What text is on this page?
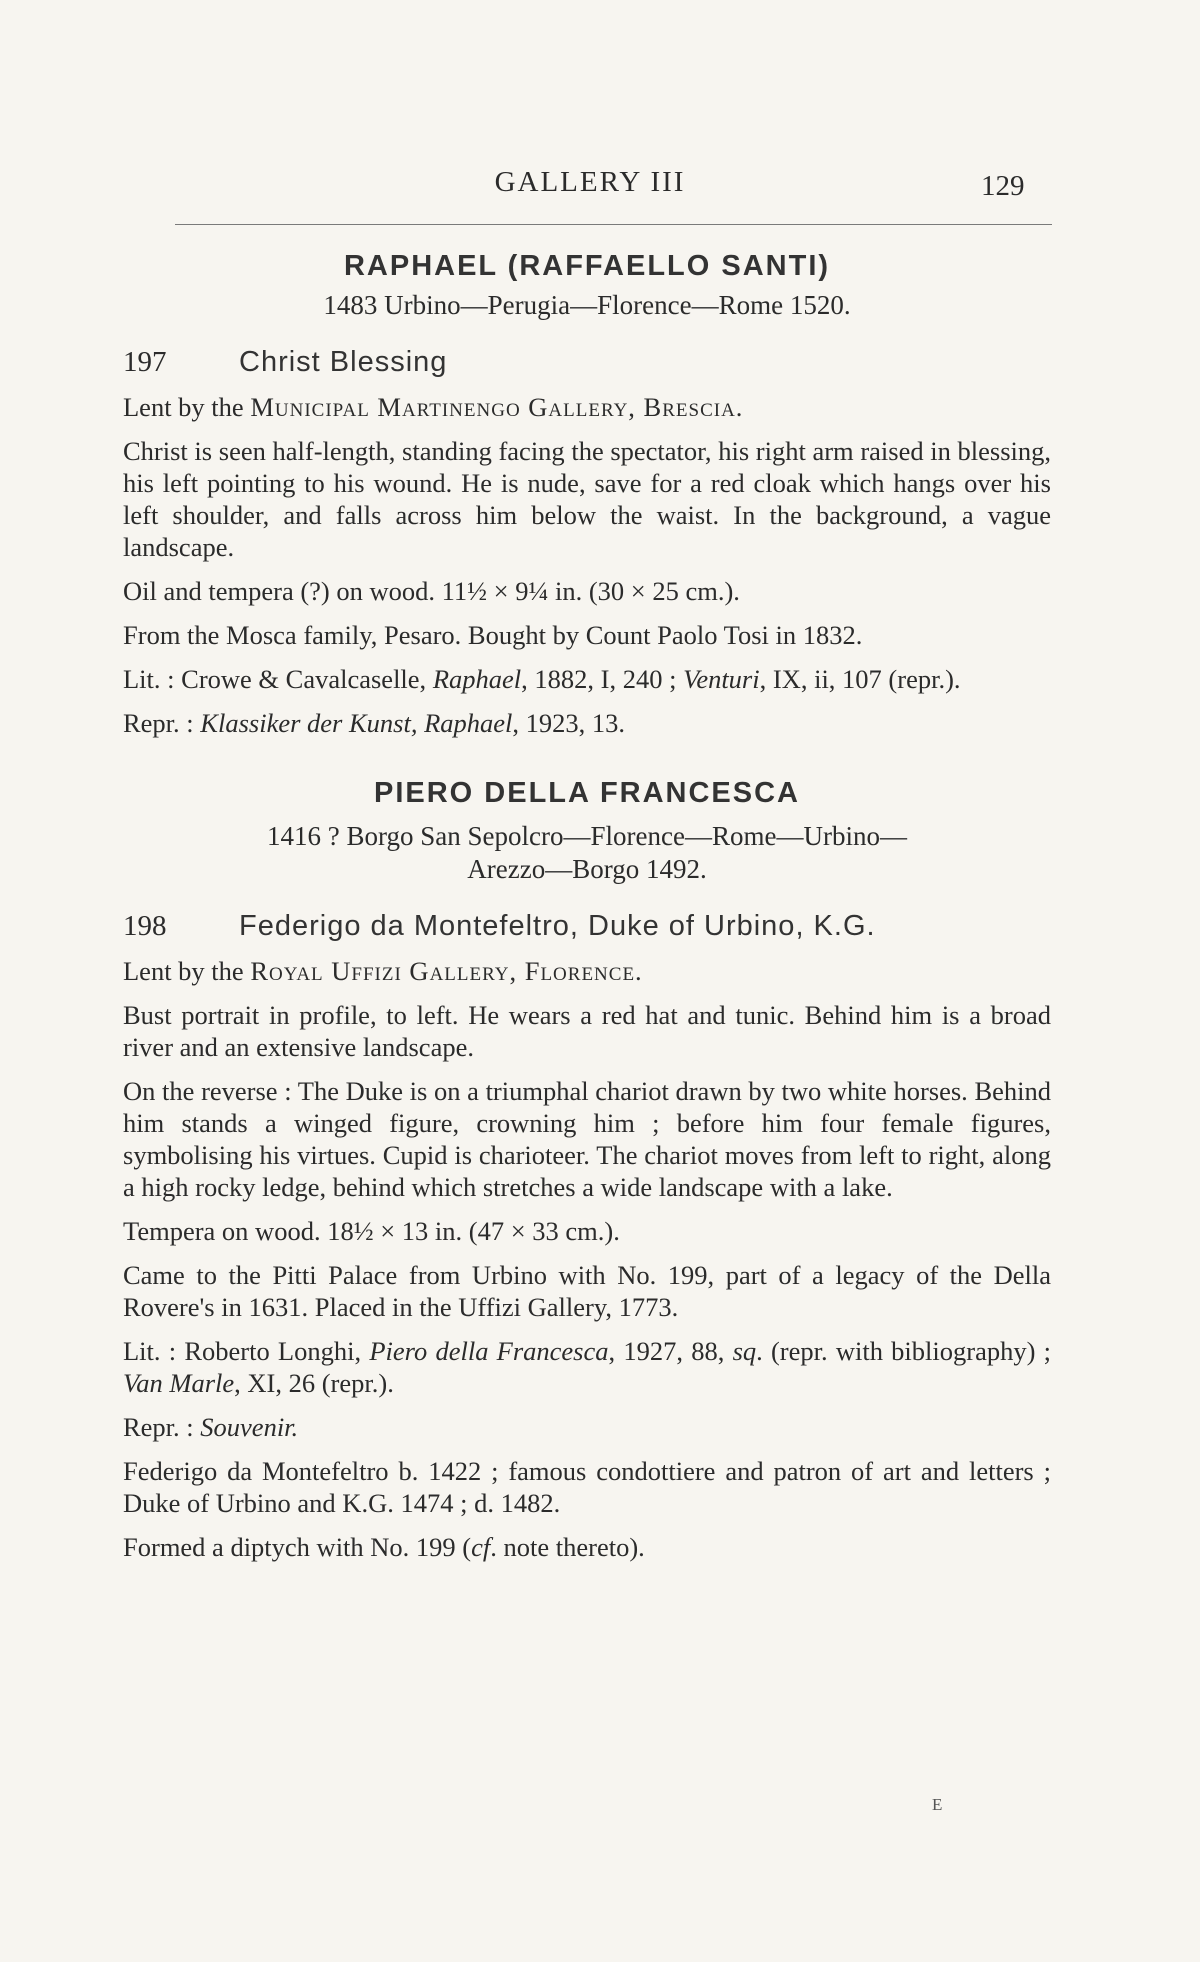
GALLERY III	129
RAPHAEL (RAFFAELLO SANTI)

1483 Urbino—Perugia—Florence—Rome 1520.

197	Christ Blessing

Lent by the Municipal Martinengo Gallery, Brescia.

Christ is seen half-length, standing facing the spectator, his right arm raised in blessing, his left pointing to his wound. He is nude, save for a red cloak which hangs over his left shoulder, and falls across him below the waist. In the background, a vague landscape.

Oil and tempera (?) on wood. 11½ × 9¼ in. (30 × 25 cm.).

From the Mosca family, Pesaro. Bought by Count Paolo Tosi in 1832.

Lit. : Crowe & Cavalcaselle, Raphael, 1882, I, 240 ; Venturi, IX, ii, 107 (repr.).

Repr. : Klassiker der Kunst, Raphael, 1923, 13.

PIERO DELLA FRANCESCA

1416 ? Borgo San Sepolcro—Florence—Rome—Urbino—
Arezzo—Borgo 1492.

198	Federigo da Montefeltro, Duke of Urbino, K.G.

Lent by the Royal Uffizi Gallery, Florence.

Bust portrait in profile, to left. He wears a red hat and tunic. Behind him is a broad river and an extensive landscape.

On the reverse : The Duke is on a triumphal chariot drawn by two white horses. Behind him stands a winged figure, crowning him ; before him four female figures, symbolising his virtues. Cupid is charioteer. The chariot moves from left to right, along a high rocky ledge, behind which stretches a wide landscape with a lake.

Tempera on wood. 18½ × 13 in. (47 × 33 cm.).

Came to the Pitti Palace from Urbino with No. 199, part of a legacy of the Della Rovere's in 1631. Placed in the Uffizi Gallery, 1773.

Lit. : Roberto Longhi, Piero della Francesca, 1927, 88, sq. (repr. with bibliography) ; Van Marle, XI, 26 (repr.).

Repr. : Souvenir.

Federigo da Montefeltro b. 1422 ; famous condottiere and patron of art and letters ; Duke of Urbino and K.G. 1474 ; d. 1482.

Formed a diptych with No. 199 (cf. note thereto).

E
